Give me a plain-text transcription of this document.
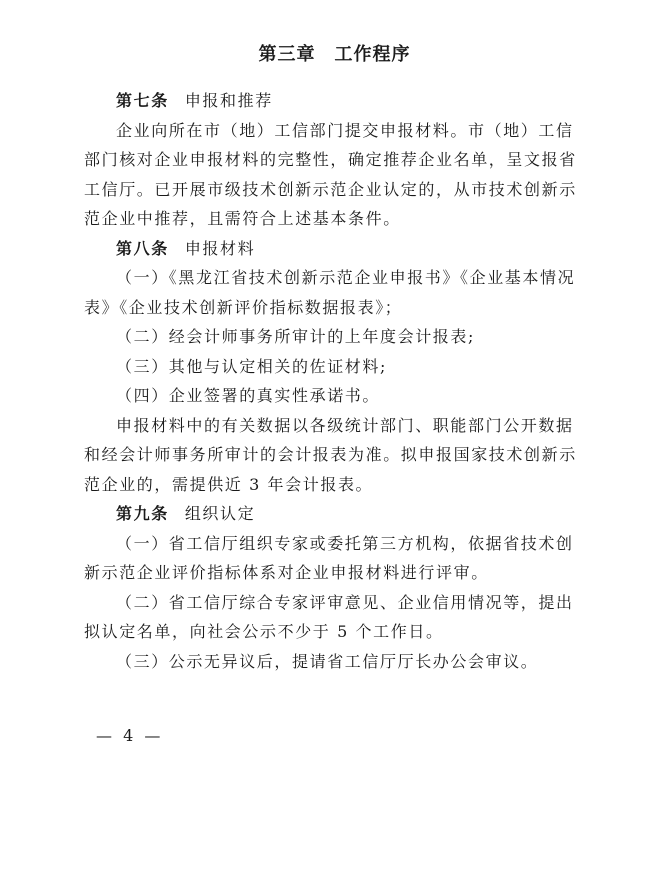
第三章　工作程序

第七条 申报和推荐

企业向所在市（地）工信部门提交申报材料。市（地）工信部门核对企业申报材料的完整性，确定推荐企业名单，呈文报省工信厅。已开展市级技术创新示范企业认定的，从市技术创新示范企业中推荐，且需符合上述基本条件。

第八条 申报材料

（一）《黑龙江省技术创新示范企业申报书》《企业基本情况表》《企业技术创新评价指标数据报表》；

（二）经会计师事务所审计的上年度会计报表;

（三）其他与认定相关的佐证材料;

（四）企业签署的真实性承诺书。

申报材料中的有关数据以各级统计部门、职能部门公开数据和经会计师事务所审计的会计报表为准。拟申报国家技术创新示范企业的，需提供近 3 年会计报表。

第九条 组织认定

（一）省工信厅组织专家或委托第三方机构，依据省技术创新示范企业评价指标体系对企业申报材料进行评审。

（二）省工信厅综合专家评审意见、企业信用情况等，提出拟认定名单，向社会公示不少于 5 个工作日。

（三）公示无异议后，提请省工信厅厅长办公会审议。

— 4 —
